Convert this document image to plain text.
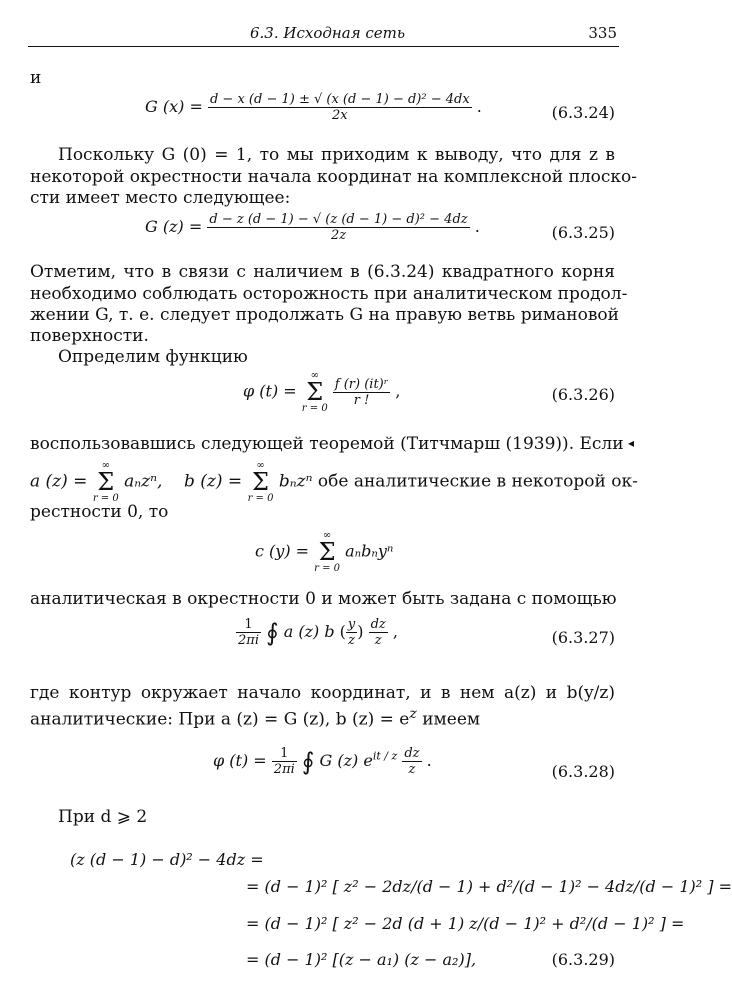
6.3. Исходная сеть	335
и
G $(x) = \frac{\text{d − x (d − 1) ± √ (x (d − 1) − d)² − 4dx}}{2x}$ .	(6.3.24)
Поскольку G (0) = 1, то мы приходим к выводу, что для z в
некоторой окрестности начала координат на комплексной плоско-
сти имеет место следующее:
G $(z) = \frac{\text{d − z (d − 1) − √ (z (d − 1) − d)² − 4dz}}{2z}$ .	(6.3.25)
Отметим, что в связи с наличием в (6.3.24) квадратного корня
необходимо соблюдать осторожность при аналитическом продол-
жении G, т. е. следует продолжать G на правую ветвь римановой
поверхности.
Определим функцию
φ (t) =
∞
Σ
r = 0

$\frac{\text{f (r) (it)ʳ}}{r !}$ ,	(6.3.26)
воспользовавшись следующей теоремой (Титчмарш (1939)). Если ◂
a (z) =
∞
Σ
r = 0
aₙzⁿ, b (z) =
∞
Σ
r = 0
bₙzⁿ обе аналитические в некоторой ок-
рестности 0, то
c (y) =
∞
Σ
r = 0
aₙbₙyⁿ
аналитическая в окрестности 0 и может быть задана с помощью
$\frac{1}{2\pi i}$ ∮ a (z) b ( $\frac{y}{z}$ ) $\frac{dz}{z}$ ,	(6.3.27)
где контур окружает начало координат, и в нем a(z) и b(y/z)
аналитические: При a (z) = G (z), b $(z) = e^z$ имеем
φ $(t) = \frac{1}{2\pi i}$ ∮ G (z) $e^{it / z} \frac{dz}{z}$ .
(6.3.28)
При d ⩾ 2
(z (d − 1) − d)² − 4dz =
= (d − 1)² [ z² − 2dz/(d − 1) + d²/(d − 1)² − 4dz/(d − 1)² ] =
= (d − 1)² [ z² − 2d (d + 1) z/(d − 1)² + d²/(d − 1)² ] =
= (d − 1)² [(z − a₁) (z − a₂)],	(6.3.29)
